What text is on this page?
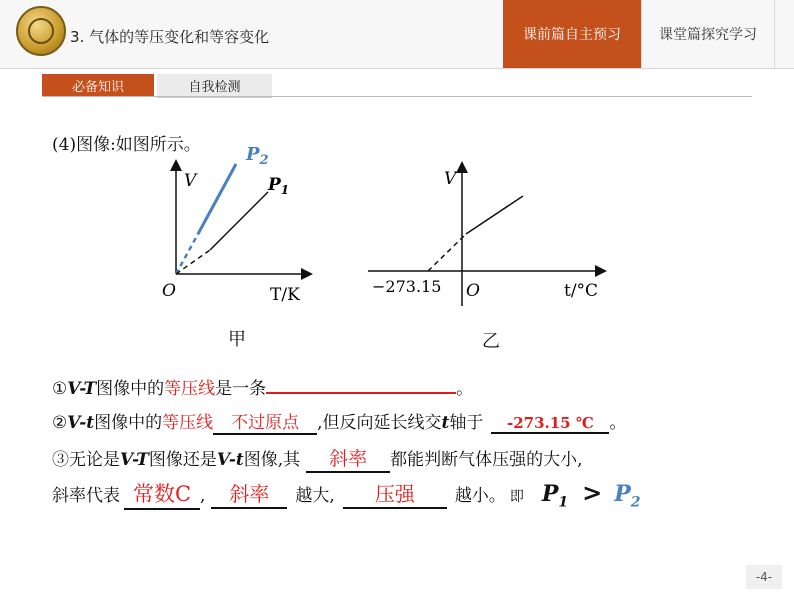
3. 气体的等压变化和等容变化	课前篇自主预习	课堂篇探究学习
必备知识	自我检测
(4)图像:如图所示。
V
O	T/K
$P_1$
$P_2$
V
O	t/°C
−273.15
甲	乙
①V-T图像中的等压线是一条	。
②V-t图像中的等压线 不过原点 ,但反向延长线交t轴于 -273.15 ℃ 。
③无论是V-T图像还是V-t图像,其 斜率 都能判断气体压强的大小,
斜率代表 常数C , 斜率 越大, 压强 越小。 即 $P_1 > P_2$
-4-
